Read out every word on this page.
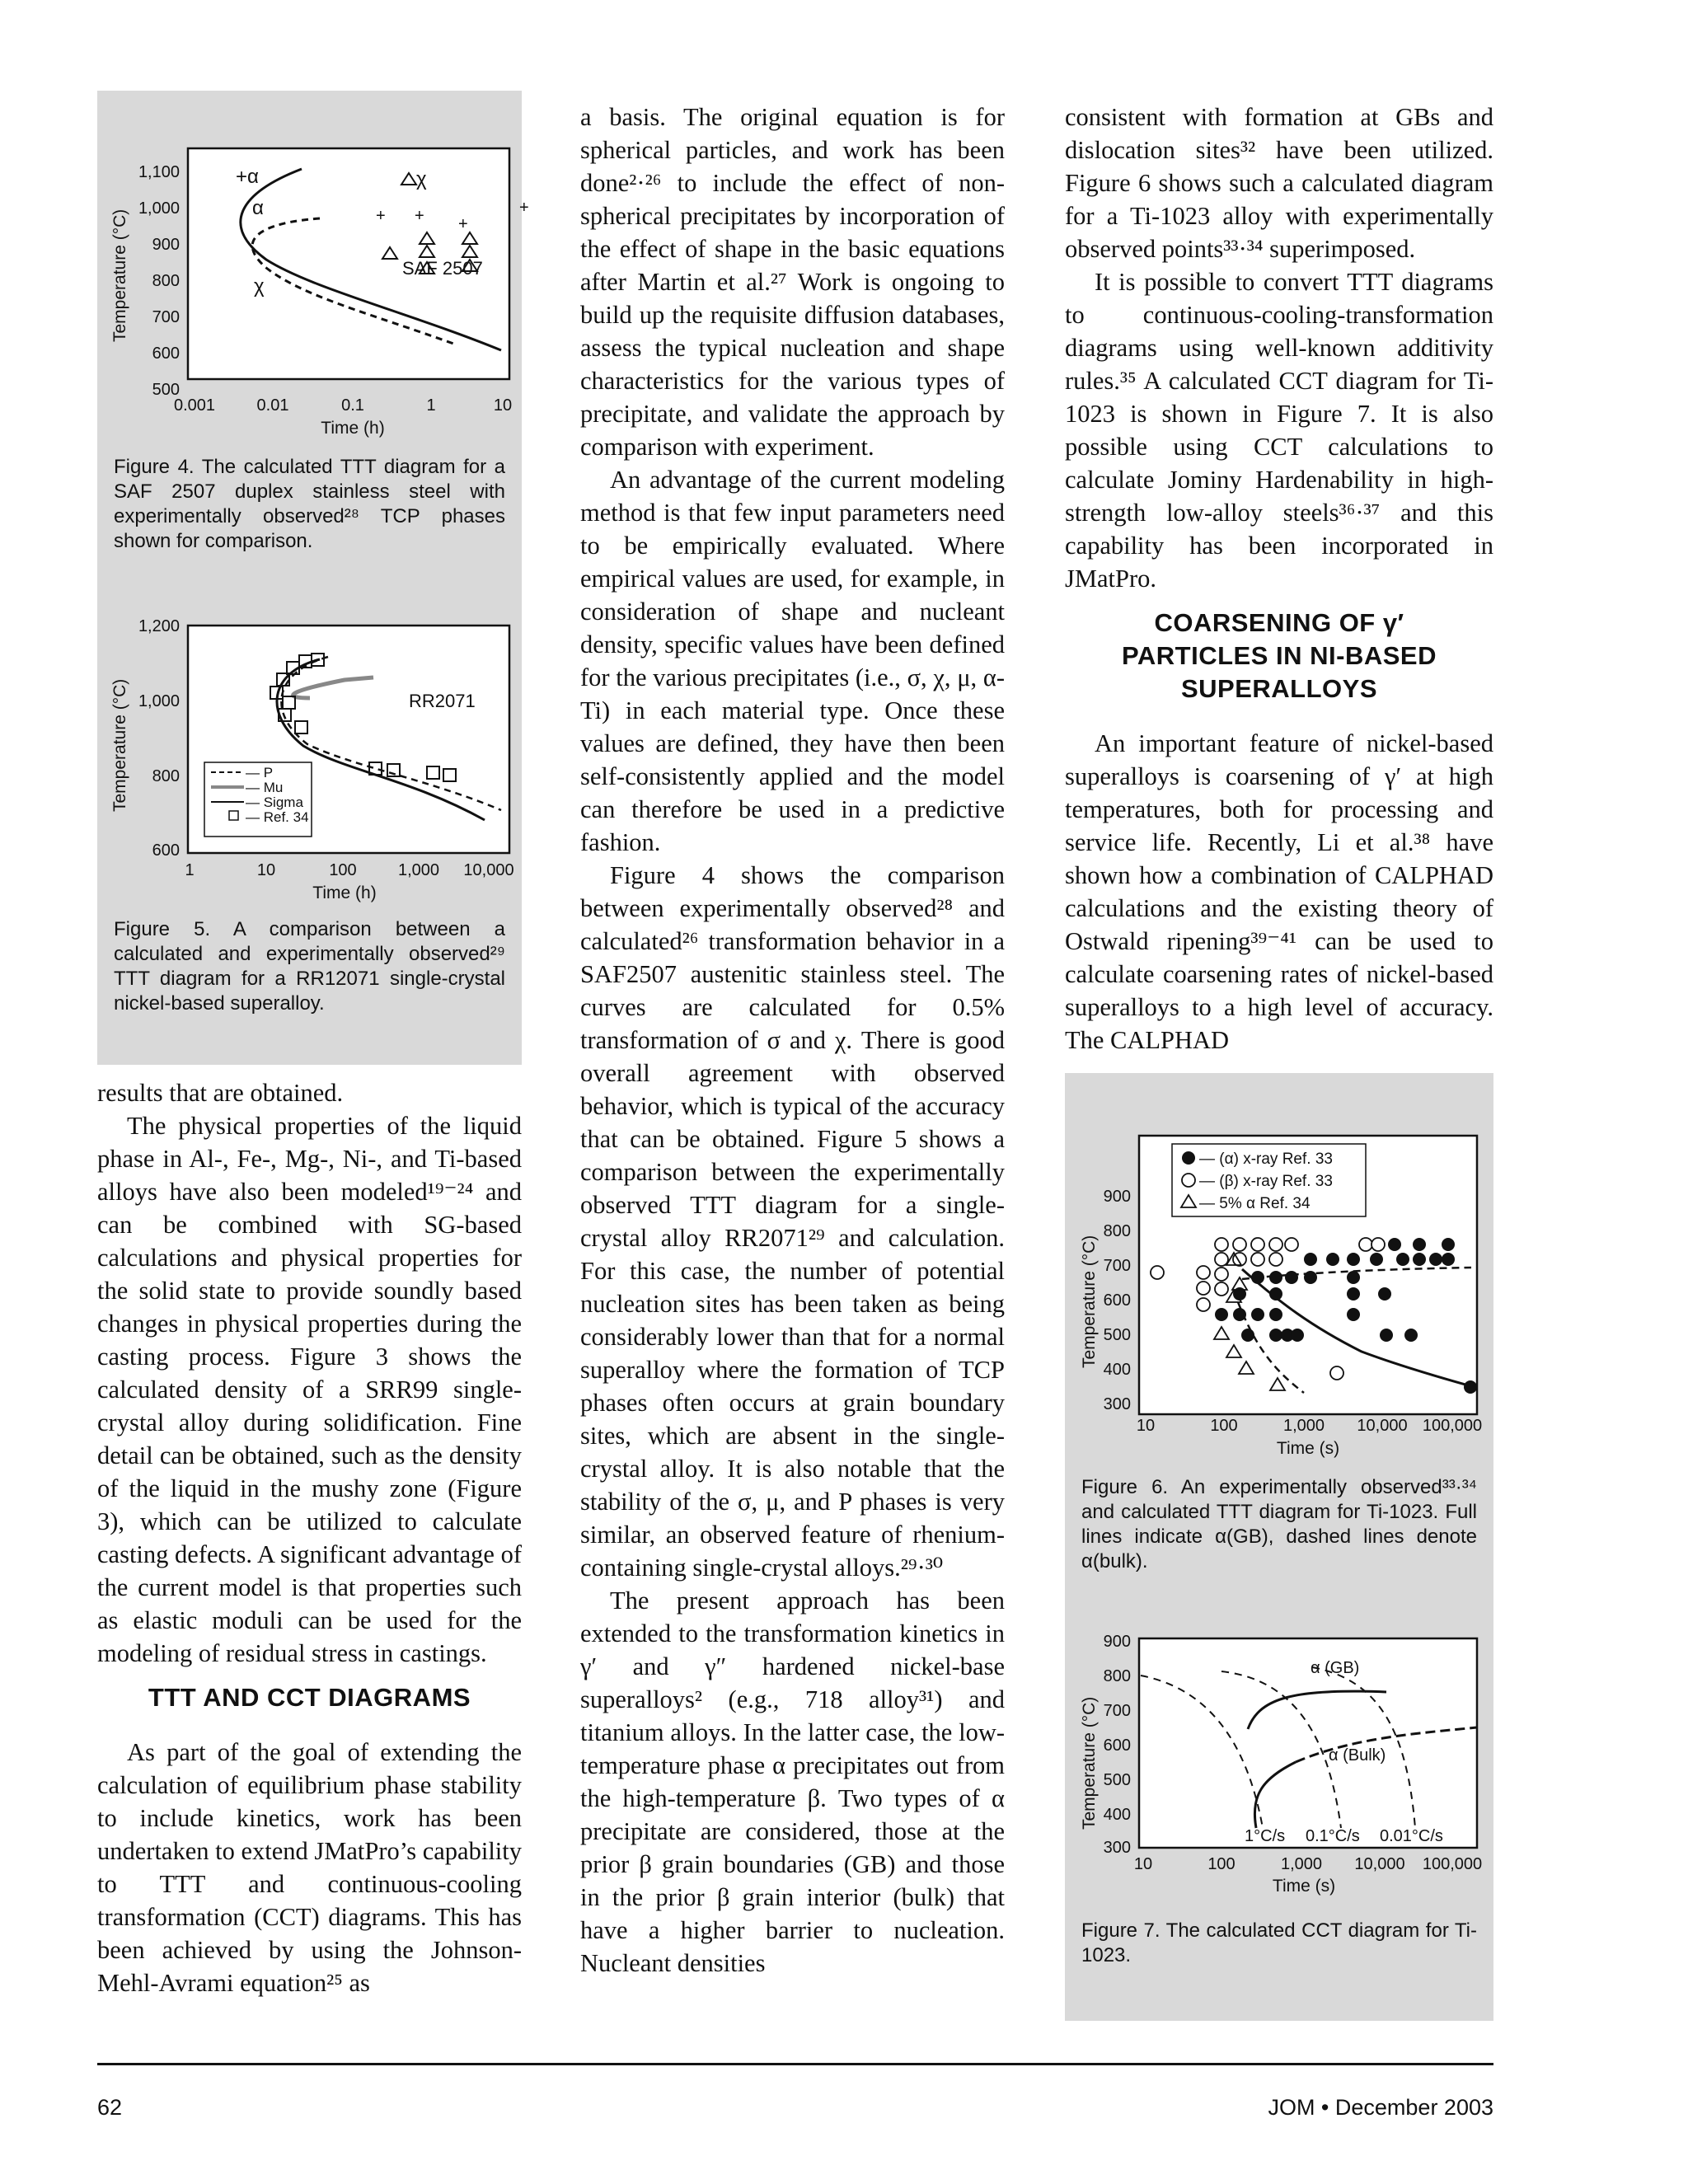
Temperature (°C)
1,100
1,000
900
800
700
600
500
0.001	0.01	0.1	1	10
Time (h)
+α	χ
α	+ + +
+
χ
SAF 2507
Figure 4. The calculated TTT diagram for a SAF 2507 duplex stainless steel with experimentally observed²⁸ TCP phases shown for comparison.
Temperature (°C)
1,200
1,000
800
600
1	10	100	1,000 10,000
Time (h)
RR2071
— P
— Mu
— Sigma
— Ref. 34
Figure 5. A comparison between a calculated and experimentally observed²⁹ TTT diagram for a RR12071 single-crystal nickel-based superalloy.
Temperature (°C)
900
800
700
600
500
400
300
10	100	1,000 10,000 100,000
Time (s)
— (α) x-ray Ref. 33
— (β) x-ray Ref. 33
— 5% α Ref. 34
Figure 6. An experimentally observed³³·³⁴ and calculated TTT diagram for Ti-1023. Full lines indicate α(GB), dashed lines denote α(bulk).
Temperature (°C)
900
800
700
600
500
400
300
10	100	1,000 10,000 100,000
Time (s)
α (GB)
α (Bulk)
1°C/s 0.1°C/s 0.01°C/s
Figure 7. The calculated CCT diagram for Ti-1023.

results that are obtained.

The physical properties of the liquid phase in Al-, Fe-, Mg-, Ni-, and Ti-based alloys have also been modeled¹⁹⁻²⁴ and can be combined with SG-based calculations and physical properties for the solid state to provide soundly based changes in physical properties during the casting process. Figure 3 shows the calculated density of a SRR99 single-crystal alloy during solidification. Fine detail can be obtained, such as the density of the liquid in the mushy zone (Figure 3), which can be utilized to calculate casting defects. A significant advantage of the current model is that properties such as elastic moduli can be used for the modeling of residual stress in castings.

TTT AND CCT DIAGRAMS

As part of the goal of extending the calculation of equilibrium phase stability to include kinetics, work has been undertaken to extend JMatPro’s capability to TTT and continuous-cooling transformation (CCT) diagrams. This has been achieved by using the Johnson-Mehl-Avrami equation²⁵ as

a basis. The original equation is for spherical particles, and work has been done²·²⁶ to include the effect of non-spherical precipitates by incorporation of the effect of shape in the basic equations after Martin et al.²⁷ Work is ongoing to build up the requisite diffusion databases, assess the typical nucleation and shape characteristics for the various types of precipitate, and validate the approach by comparison with experiment.

An advantage of the current modeling method is that few input parameters need to be empirically evaluated. Where empirical values are used, for example, in consideration of shape and nucleant density, specific values have been defined for the various precipitates (i.e., σ, χ, μ, α-Ti) in each material type. Once these values are defined, they have then been self-consistently applied and the model can therefore be used in a predictive fashion.

Figure 4 shows the comparison between experimentally observed²⁸ and calculated²⁶ transformation behavior in a SAF2507 austenitic stainless steel. The curves are calculated for 0.5% transformation of σ and χ. There is good overall agreement with observed behavior, which is typical of the accuracy that can be obtained. Figure 5 shows a comparison between the experimentally observed TTT diagram for a single-crystal alloy RR2071²⁹ and calculation. For this case, the number of potential nucleation sites has been taken as being considerably lower than that for a normal superalloy where the formation of TCP phases often occurs at grain boundary sites, which are absent in the single-crystal alloy. It is also notable that the stability of the σ, μ, and P phases is very similar, an observed feature of rhenium-containing single-crystal alloys.²⁹·³⁰

The present approach has been extended to the transformation kinetics in γ′ and γ″ hardened nickel-base superalloys² (e.g., 718 alloy³¹) and titanium alloys. In the latter case, the low-temperature phase α precipitates out from the high-temperature β. Two types of α precipitate are considered, those at the prior β grain boundaries (GB) and those in the prior β grain interior (bulk) that have a higher barrier to nucleation. Nucleant densities

consistent with formation at GBs and dislocation sites³² have been utilized. Figure 6 shows such a calculated diagram for a Ti-1023 alloy with experimentally observed points³³·³⁴ superimposed.

It is possible to convert TTT diagrams to continuous-cooling-transformation diagrams using well-known additivity rules.³⁵ A calculated CCT diagram for Ti-1023 is shown in Figure 7. It is also possible using CCT calculations to calculate Jominy Hardenability in high-strength low-alloy steels³⁶·³⁷ and this capability has been incorporated in JMatPro.

COARSENING OF γ′ PARTICLES IN NI-BASED SUPERALLOYS

An important feature of nickel-based superalloys is coarsening of γ′ at high temperatures, both for processing and service life. Recently, Li et al.³⁸ have shown how a combination of CALPHAD calculations and the existing theory of Ostwald ripening³⁹⁻⁴¹ can be used to calculate coarsening rates of nickel-based superalloys to a high level of accuracy. The CALPHAD

62	JOM • December 2003
